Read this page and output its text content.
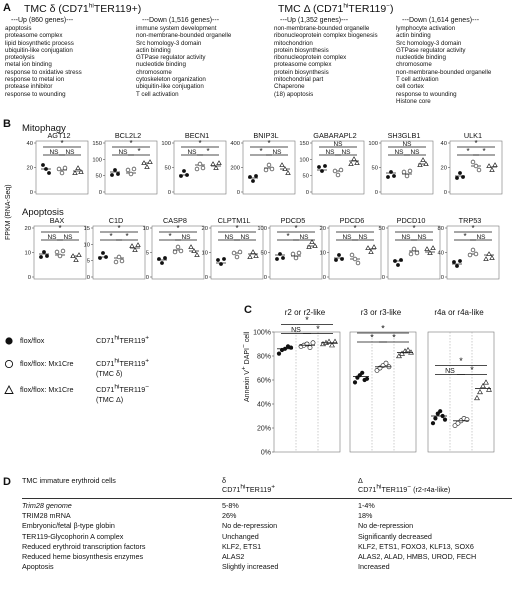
A TMC δ $(CD71^{hi}TER119+)$	TMC Δ $(CD71^{hi}TER119^-)$
---Up (860 genes)---
apoptosis
proteasome complex
lipid biosynthetic process
ubiquitin-like conjugation
proteolysis
metal ion binding
response to oxidative stress
response to metal ion
protease inhibitor
response to wounding
---Down (1,516 genes)---
immune system development
non-membrane-bounded organelle
Src homology-3 domain
actin binding
GTPase regulator activity
nucleotide binding
chromosome
cytoskeleton organization
ubiquitin-like conjugation
T cell activation
---Up (1,352 genes)---
non-membrane-bounded organelle
ribonucleoprotein complex biogenesis
mitochondrion
protein biosynthesis
ribonucleoprotein complex
proteasome complex
protein biosynthesis
mitochondrial part
Chaperone
(18) apoptosis
---Down (1,614 genes)---
lymphocyte activation
actin binding
Src homology-3 domain
GTPase regulator activity
nucleotide binding
chromosome
non-membrane-bounded organelle
T cell activation
cell cortex
response to wounding
Histone core
B Mitophagy
Apoptosis
FPKM (RNA-Seq)
AGT12
40
20
0
NS NS
*
BCL2L2
150
100
50
0
NS *
*
BECN1
100
50
0
NS *
*
BNIP3L
400
200
0
* NS
*
GABARAPL2
150
100
50
0
NS NS
NS
SH3GLB1
100
50
0
NS NS
NS
ULK1
40
20
0
* *
*
BAX
20
10
0
NS NS
*
C1D
15
10
5
0
* *
*
CASP8
10
5
0
* NS
*
CLPTM1L
20
10
0
NS NS
*
PDCD5
100
50
0
* NS
*
PDCD6
20
10
0
NS NS
*
PDCD10
50
0
NS NS
*
TRP53
80
40
0
* NS
*
flox/flox	CD71hiTER119+
flox/flox: Mx1Cre	CD71hiTER119+
(TMC δ)
flox/flox: Mx1Cre	CD71hiTER119−
(TMC Δ)
C
Annexin V+ DAPI− cell
r2 or r2-like
100%
80%
60%
40%
20%
0%
NS *
*
r3 or r3-like
* *
*
r4a or r4a-like
NS *
*
D TMC immature erythroid cells	δ
CD71hiTER119+
Δ
CD71hiTER119− (r2-r4a-like)
Trim28 genome	5-8%	1-4%
TRIM28 mRNA	26%	18%
Embryonic/fetal β-type globin	No de-repression	No de-repression
TER119-Glycophorin A complex	Unchanged	Significantly decreased
Reduced erythroid transcription factors	KLF2, ETS1	KLF2, ETS1, FOXO3, KLF13, SOX6
Reduced heme biosynthesis enzymes	ALAS2	ALAS2, ALAD, HMBS, UROD, FECH
Apoptosis	Slightly increased	Increased
